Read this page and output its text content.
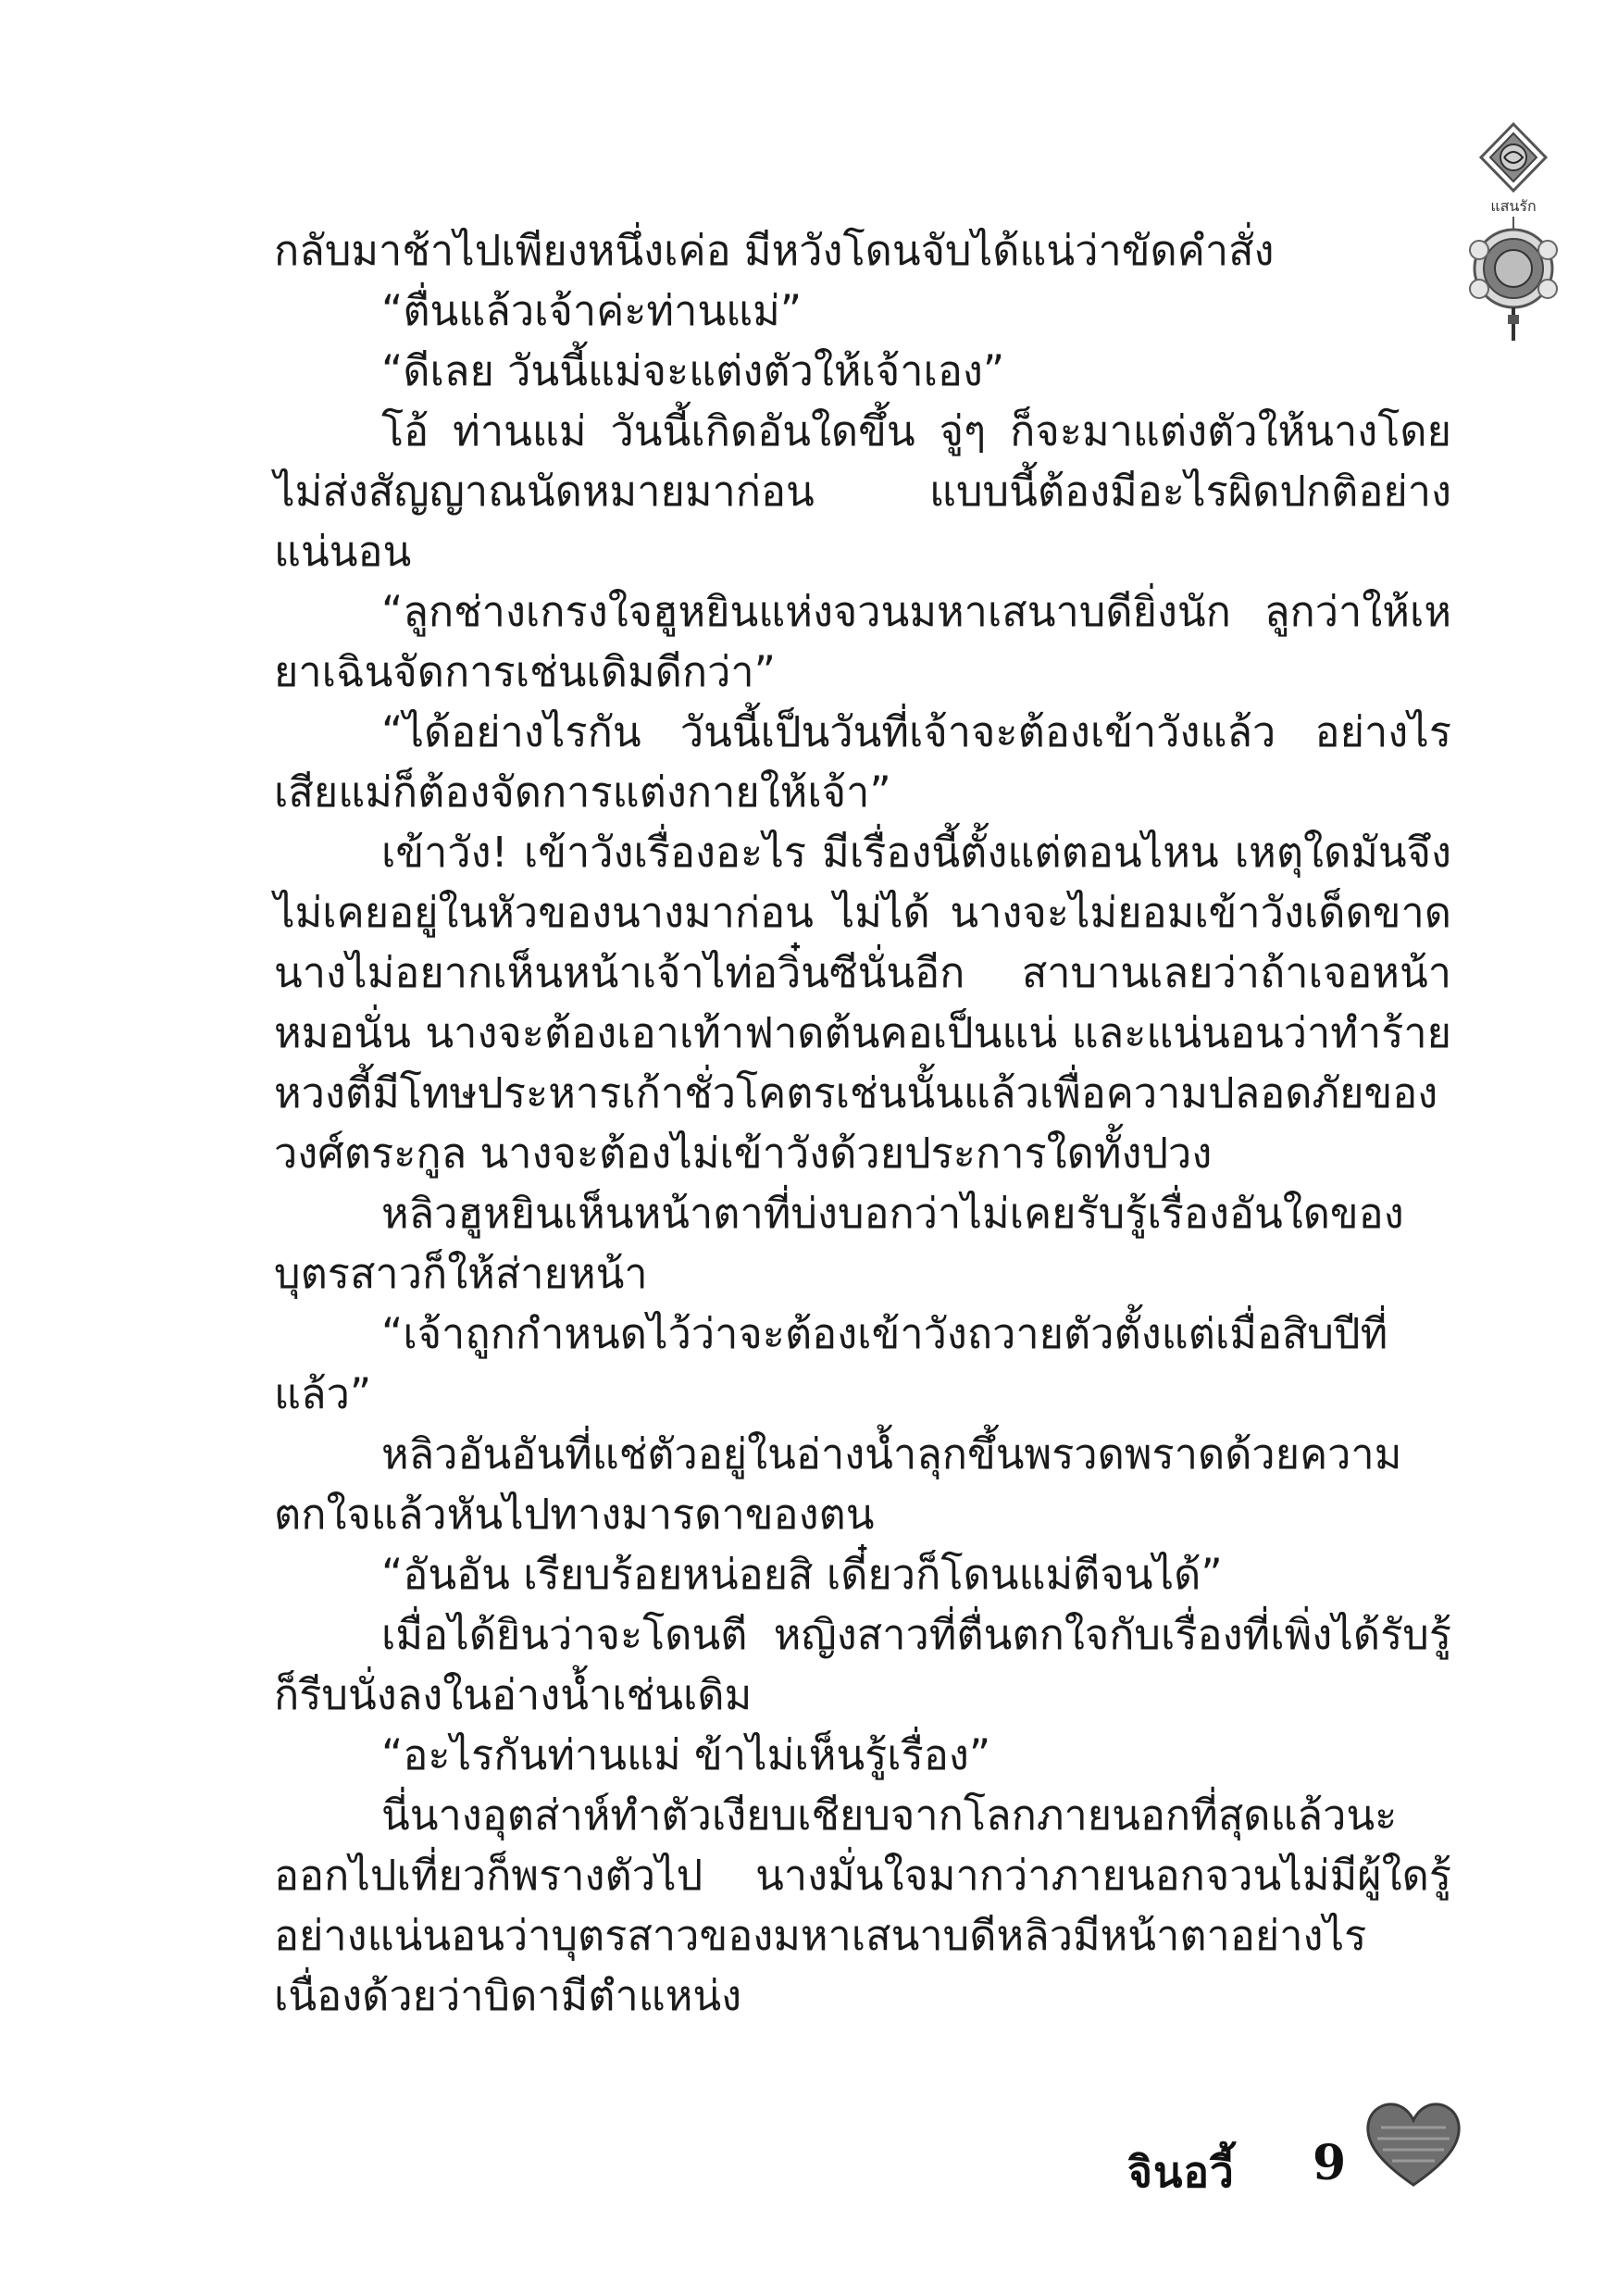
แสนรัก

กลับมาช้าไปเพียงหนึ่งเค่อ มีหวังโดนจับได้แน่ว่าขัดคำสั่ง

“ตื่นแล้วเจ้าค่ะท่านแม่”

“ดีเลย วันนี้แม่จะแต่งตัวให้เจ้าเอง”

โอ้ ท่านแม่ วันนี้เกิดอันใดขึ้น จู่ๆ ก็จะมาแต่งตัวให้นางโดยไม่ส่งสัญญาณนัดหมายมาก่อน แบบนี้ต้องมีอะไรผิดปกติอย่างแน่นอน

“ลูกช่างเกรงใจฮูหยินแห่งจวนมหาเสนาบดียิ่งนัก ลูกว่าให้เหยาเฉินจัดการเช่นเดิมดีกว่า”

“ได้อย่างไรกัน วันนี้เป็นวันที่เจ้าจะต้องเข้าวังแล้ว อย่างไรเสียแม่ก็ต้องจัดการแต่งกายให้เจ้า”

เข้าวัง! เข้าวังเรื่องอะไร มีเรื่องนี้ตั้งแต่ตอนไหน เหตุใดมันจึงไม่เคยอยู่ในหัวของนางมาก่อน ไม่ได้ นางจะไม่ยอมเข้าวังเด็ดขาด นางไม่อยากเห็นหน้าเจ้าไท่อวิ๋นซีนั่นอีก สาบานเลยว่าถ้าเจอหน้าหมอนั่น นางจะต้องเอาเท้าฟาดต้นคอเป็นแน่ และแน่นอนว่าทำร้ายหวงตี้มีโทษประหารเก้าชั่วโคตรเช่นนั้นแล้วเพื่อความปลอดภัยของวงศ์ตระกูล นางจะต้องไม่เข้าวังด้วยประการใดทั้งปวง

หลิวฮูหยินเห็นหน้าตาที่บ่งบอกว่าไม่เคยรับรู้เรื่องอันใดของบุตรสาวก็ให้ส่ายหน้า

“เจ้าถูกกำหนดไว้ว่าจะต้องเข้าวังถวายตัวตั้งแต่เมื่อสิบปีที่แล้ว”

หลิวอันอันที่แช่ตัวอยู่ในอ่างน้ำลุกขึ้นพรวดพราดด้วยความตกใจแล้วหันไปทางมารดาของตน

“อันอัน เรียบร้อยหน่อยสิ เดี๋ยวก็โดนแม่ตีจนได้”

เมื่อได้ยินว่าจะโดนตี หญิงสาวที่ตื่นตกใจกับเรื่องที่เพิ่งได้รับรู้ก็รีบนั่งลงในอ่างน้ำเช่นเดิม

“อะไรกันท่านแม่ ข้าไม่เห็นรู้เรื่อง”

นี่นางอุตส่าห์ทำตัวเงียบเชียบจากโลกภายนอกที่สุดแล้วนะ ออกไปเที่ยวก็พรางตัวไป นางมั่นใจมากว่าภายนอกจวนไม่มีผู้ใดรู้อย่างแน่นอนว่าบุตรสาวของมหาเสนาบดีหลิวมีหน้าตาอย่างไร เนื่องด้วยว่าบิดามีตำแหน่ง

จินอวี้ 9
